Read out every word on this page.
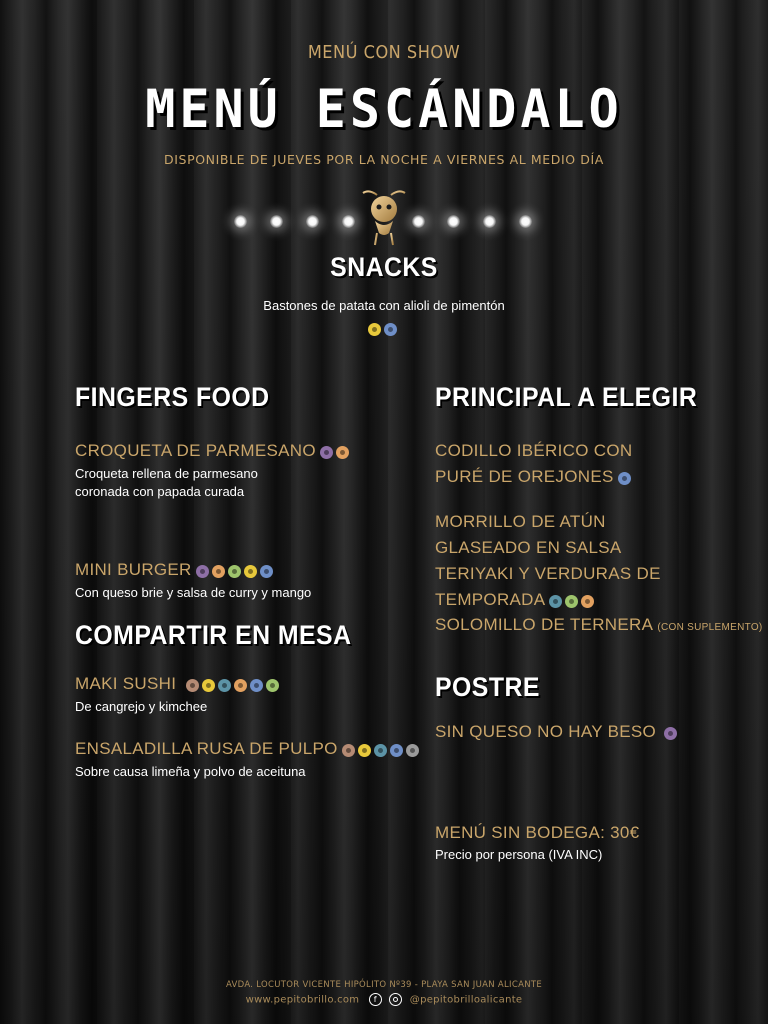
MENÚ CON SHOW
MENÚ ESCÁNDALO
DISPONIBLE DE JUEVES POR LA NOCHE A VIERNES AL MEDIO DÍA
SNACKS
Bastones de patata con alioli de pimentón
FINGERS FOOD
CROQUETA DE PARMESANO
Croqueta rellena de parmesano coronada con papada curada
MINI BURGER
Con queso brie y salsa de curry y mango
COMPARTIR EN MESA
MAKI SUSHI
De cangrejo y kimchee
ENSALADILLA RUSA DE PULPO
Sobre causa limeña y polvo de aceituna
PRINCIPAL A ELEGIR
CODILLO IBÉRICO CON PURÉ DE OREJONES
MORRILLO DE ATÚN GLASEADO EN SALSA TERIYAKI Y VERDURAS DE TEMPORADA
SOLOMILLO DE TERNERA (CON SUPLEMENTO)
POSTRE
SIN QUESO NO HAY BESO
MENÚ SIN BODEGA: 30€
Precio por persona (IVA INC)
AVDA. LOCUTOR VICENTE HIPÓLITO Nº39 - PLAYA SAN JUAN ALICANTE
www.pepitobrillo.com f	@pepitobrilloalicante
